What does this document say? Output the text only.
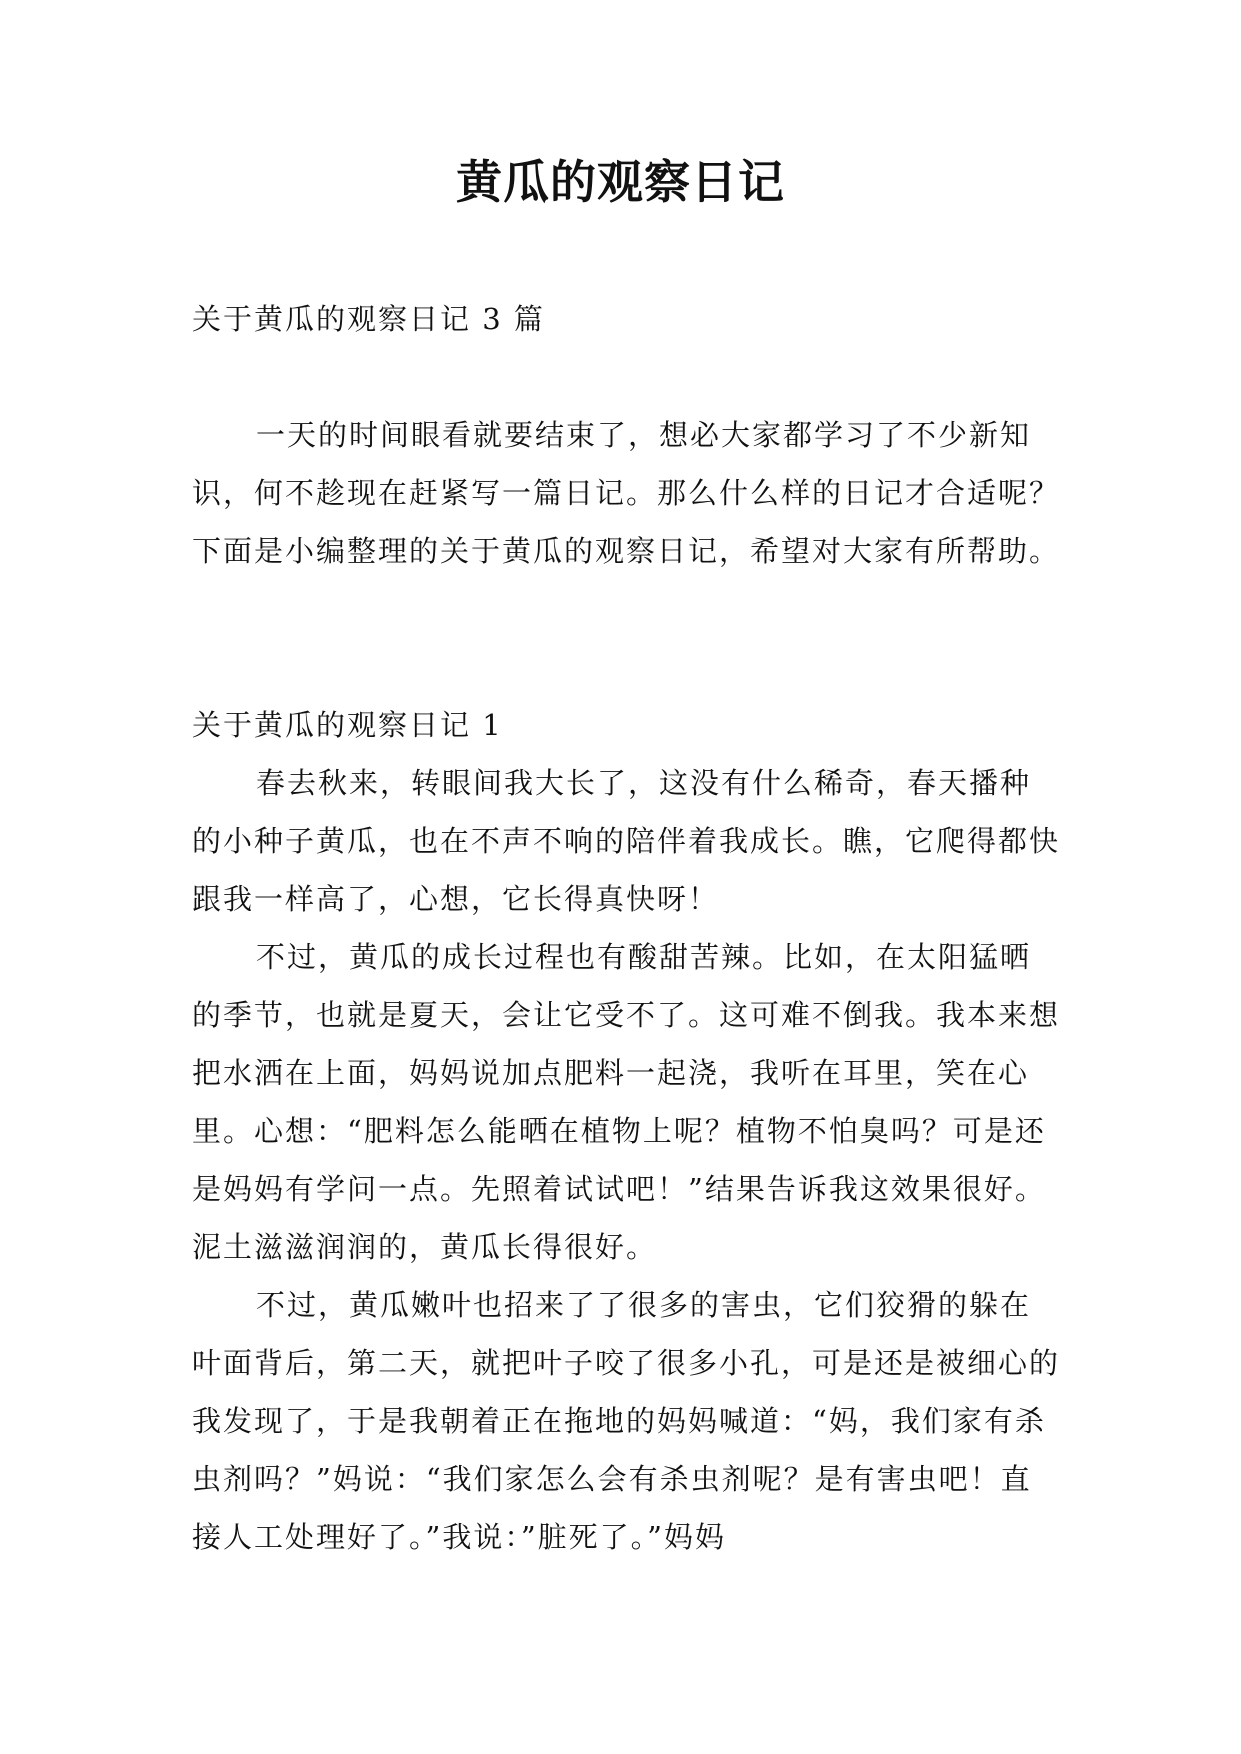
黄瓜的观察日记

关于黄瓜的观察日记 3 篇

一天的时间眼看就要结束了，想必大家都学习了不少新知识，何不趁现在赶紧写一篇日记。那么什么样的日记才合适呢？下面是小编整理的关于黄瓜的观察日记，希望对大家有所帮助。

关于黄瓜的观察日记 1

春去秋来，转眼间我大长了，这没有什么稀奇，春天播种的小种子黄瓜，也在不声不响的陪伴着我成长。瞧，它爬得都快跟我一样高了，心想，它长得真快呀！

不过，黄瓜的成长过程也有酸甜苦辣。比如，在太阳猛晒的季节，也就是夏天，会让它受不了。这可难不倒我。我本来想把水洒在上面，妈妈说加点肥料一起浇，我听在耳里，笑在心里。心想：“肥料怎么能晒在植物上呢？植物不怕臭吗？可是还是妈妈有学问一点。先照着试试吧！”结果告诉我这效果很好。泥土滋滋润润的，黄瓜长得很好。

不过，黄瓜嫩叶也招来了了很多的害虫，它们狡猾的躲在叶面背后，第二天，就把叶子咬了很多小孔，可是还是被细心的我发现了，于是我朝着正在拖地的妈妈喊道：“妈，我们家有杀虫剂吗？”妈说：“我们家怎么会有杀虫剂呢？是有害虫吧！直接人工处理好了。”我说：”脏死了。”妈妈
